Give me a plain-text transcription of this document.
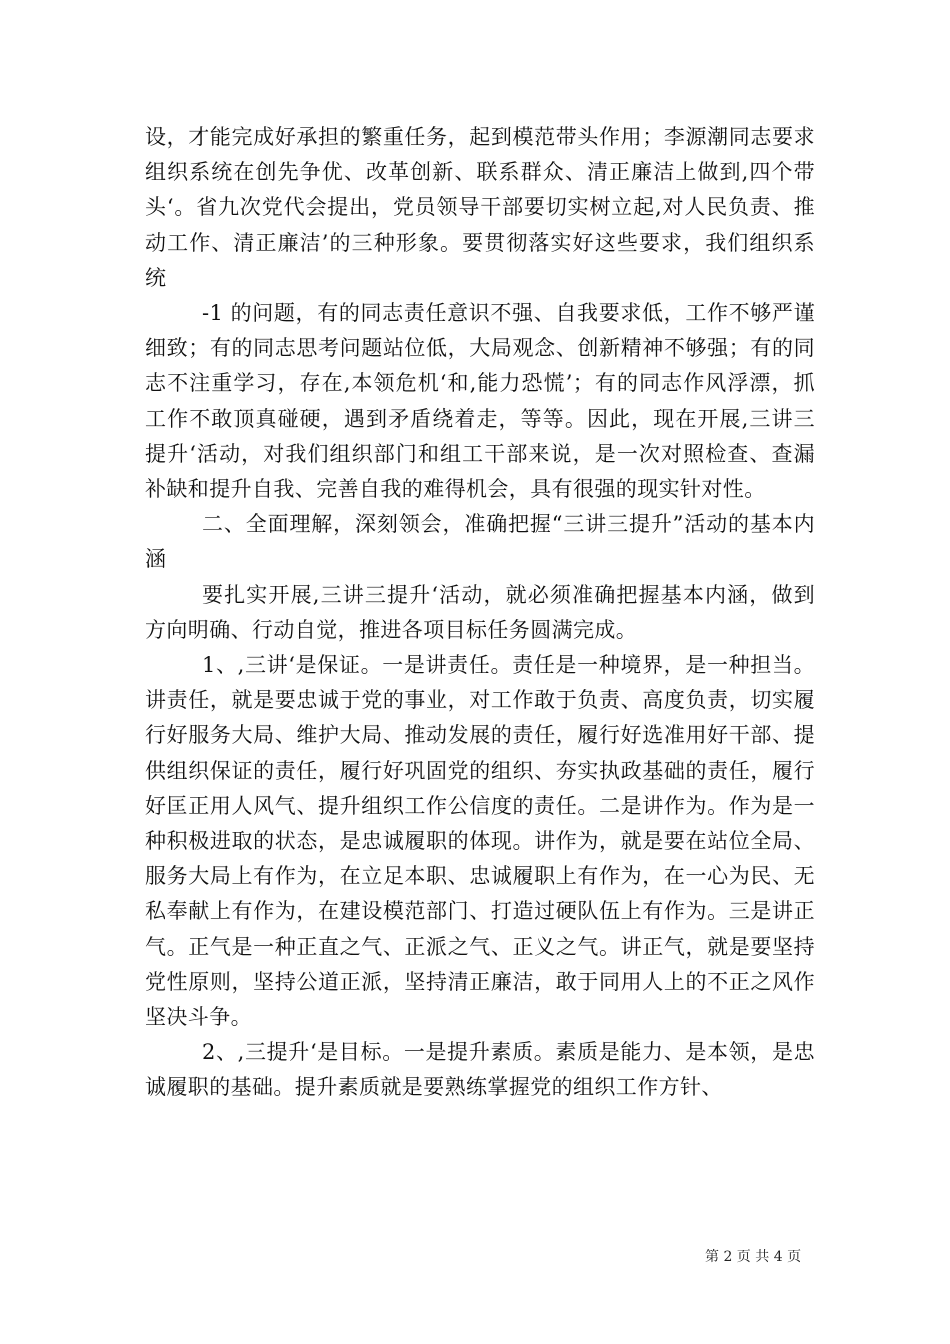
设，才能完成好承担的繁重任务，起到模范带头作用；李源潮同志要求组织系统在创先争优、改革创新、联系群众、清正廉洁上做到,四个带头‘。省九次党代会提出，党员领导干部要切实树立起,对人民负责、推动工作、清正廉洁’的三种形象。要贯彻落实好这些要求，我们组织系统

-1 的问题，有的同志责任意识不强、自我要求低，工作不够严谨细致；有的同志思考问题站位低，大局观念、创新精神不够强；有的同志不注重学习，存在,本领危机‘和,能力恐慌’；有的同志作风浮漂，抓工作不敢顶真碰硬，遇到矛盾绕着走，等等。因此，现在开展,三讲三提升‘活动，对我们组织部门和组工干部来说，是一次对照检查、查漏补缺和提升自我、完善自我的难得机会，具有很强的现实针对性。

二、全面理解，深刻领会，准确把握“三讲三提升”活动的基本内涵

要扎实开展,三讲三提升‘活动，就必须准确把握基本内涵，做到方向明确、行动自觉，推进各项目标任务圆满完成。

1、,三讲‘是保证。一是讲责任。责任是一种境界，是一种担当。讲责任，就是要忠诚于党的事业，对工作敢于负责、高度负责，切实履行好服务大局、维护大局、推动发展的责任，履行好选准用好干部、提供组织保证的责任，履行好巩固党的组织、夯实执政基础的责任，履行好匡正用人风气、提升组织工作公信度的责任。二是讲作为。作为是一种积极进取的状态，是忠诚履职的体现。讲作为，就是要在站位全局、服务大局上有作为，在立足本职、忠诚履职上有作为，在一心为民、无私奉献上有作为，在建设模范部门、打造过硬队伍上有作为。三是讲正气。正气是一种正直之气、正派之气、正义之气。讲正气，就是要坚持党性原则，坚持公道正派，坚持清正廉洁，敢于同用人上的不正之风作坚决斗争。

2、,三提升‘是目标。一是提升素质。素质是能力、是本领，是忠诚履职的基础。提升素质就是要熟练掌握党的组织工作方针、

第 2 页 共 4 页
